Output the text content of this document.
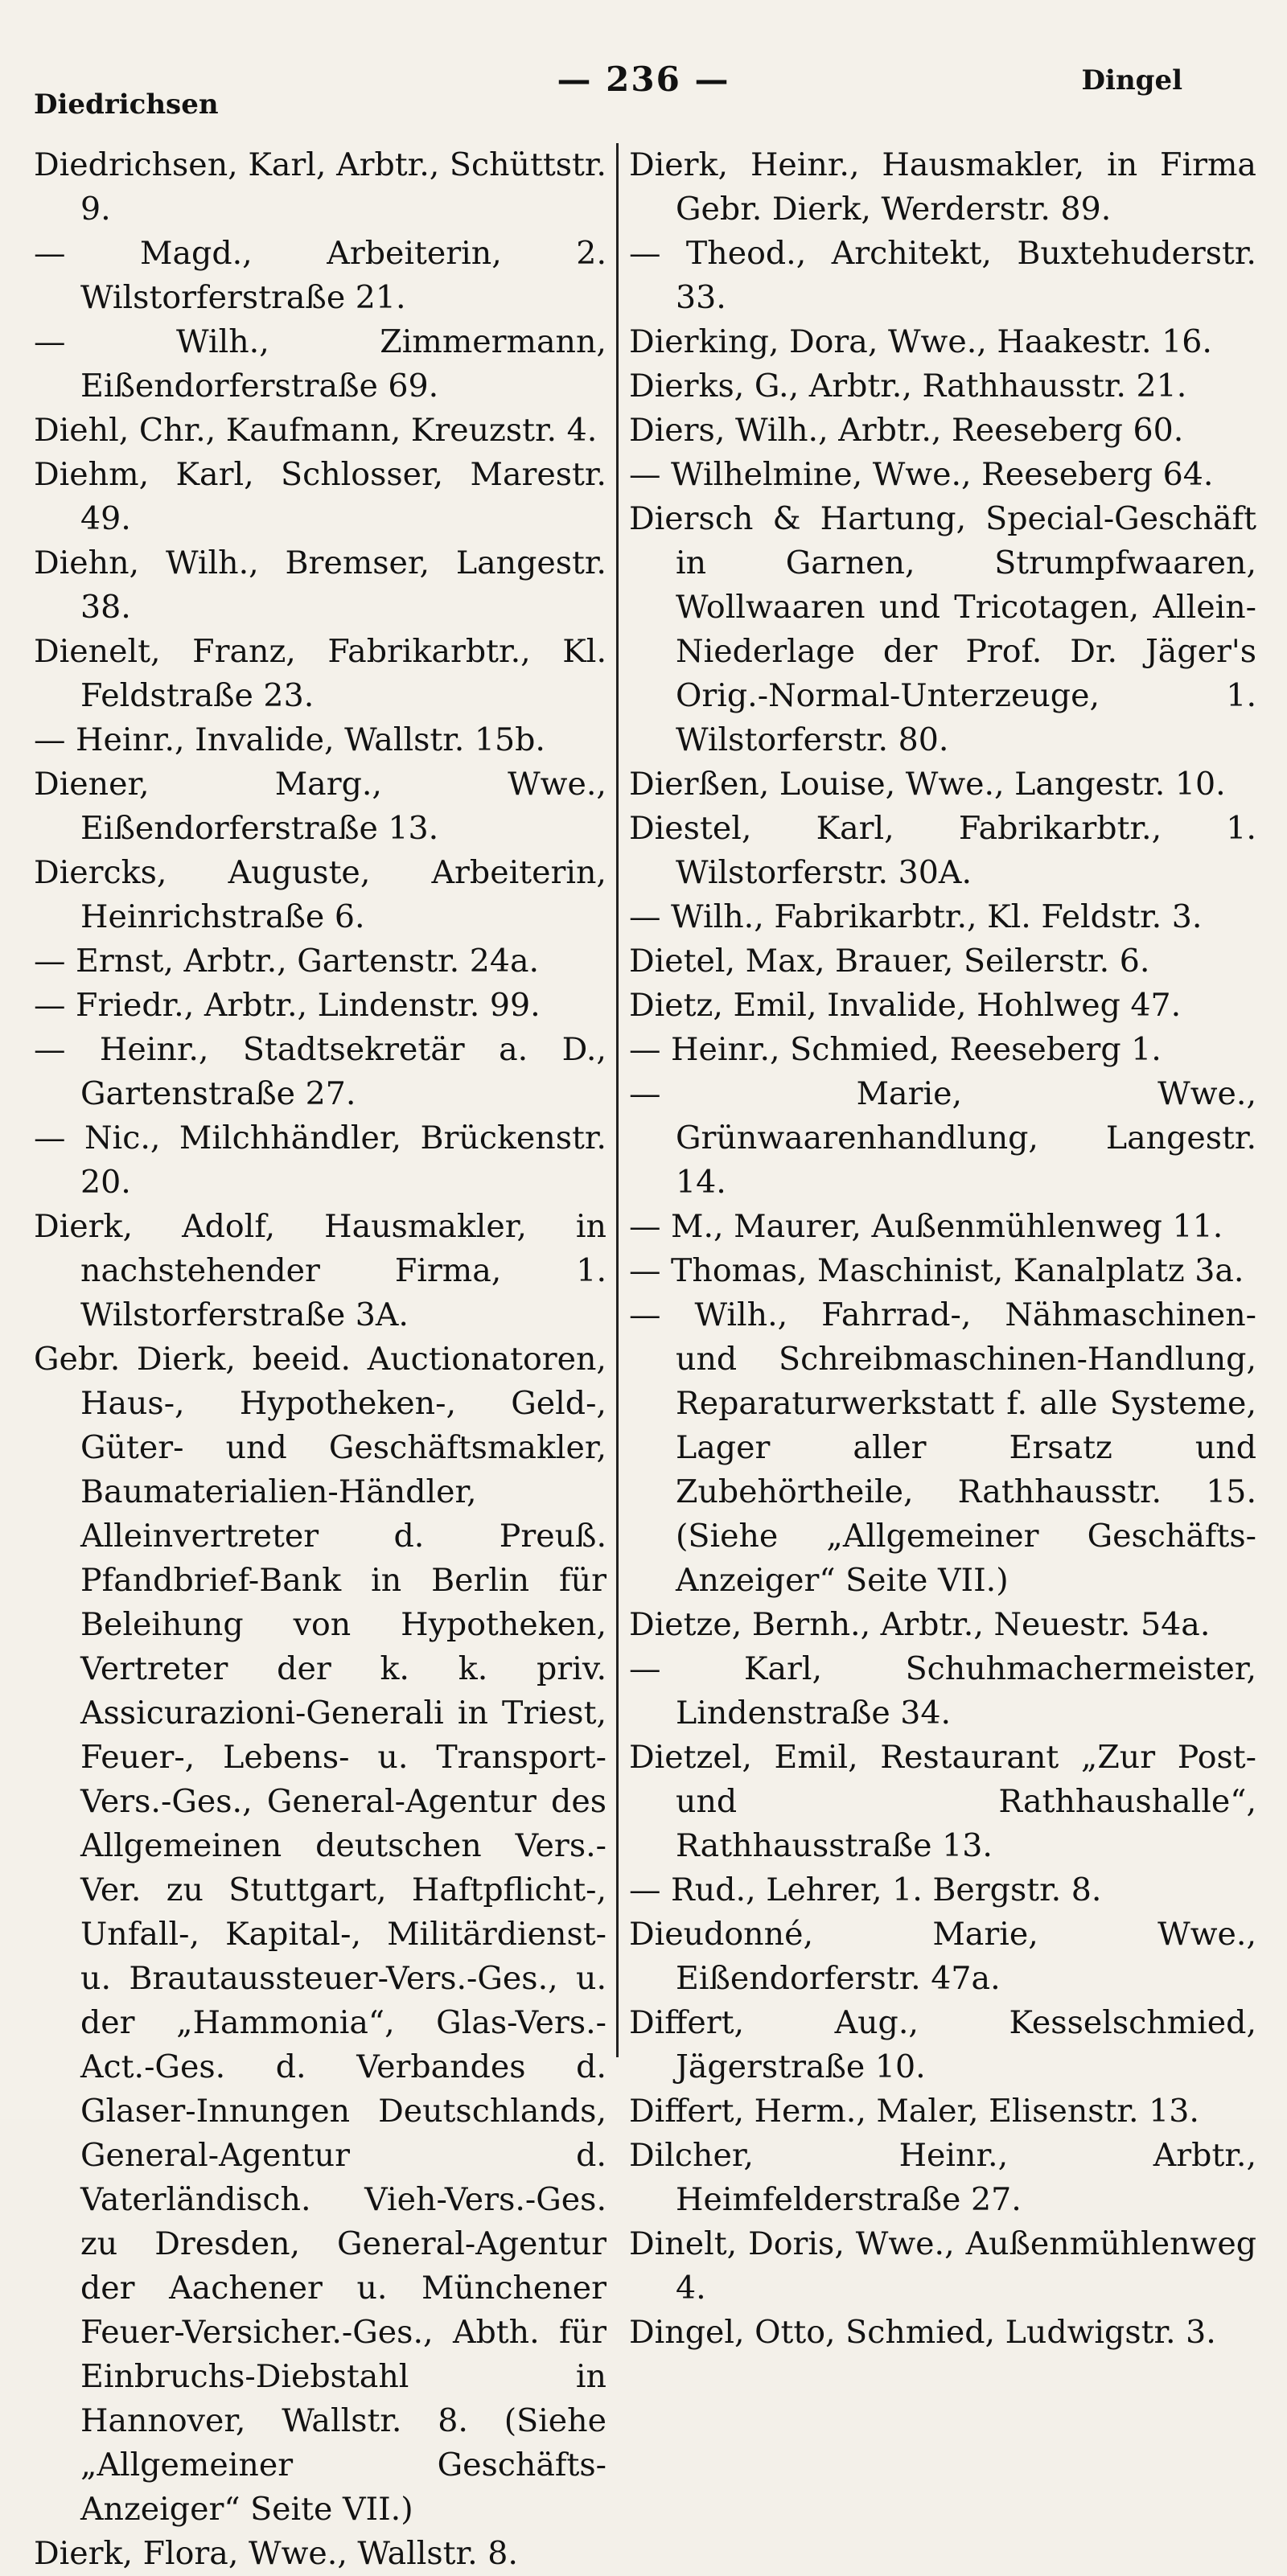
Diedrichsen
— 236 —	Dingel

Diedrichsen, Karl, Arbtr., Schüttstr. 9.

— Magd., Arbeiterin, 2. Wilstorferstraße 21.

— Wilh., Zimmermann, Eißendorferstraße 69.

Diehl, Chr., Kaufmann, Kreuzstr. 4.

Diehm, Karl, Schlosser, Marestr. 49.

Diehn, Wilh., Bremser, Langestr. 38.

Dienelt, Franz, Fabrikarbtr., Kl. Feldstraße 23.

— Heinr., Invalide, Wallstr. 15b.

Diener, Marg., Wwe., Eißendorferstraße 13.

Diercks, Auguste, Arbeiterin, Heinrichstraße 6.

— Ernst, Arbtr., Gartenstr. 24a.

— Friedr., Arbtr., Lindenstr. 99.

— Heinr., Stadtsekretär a. D., Gartenstraße 27.

— Nic., Milchhändler, Brückenstr. 20.

Dierk, Adolf, Hausmakler, in nachstehender Firma, 1. Wilstorferstraße 3A.

Gebr. Dierk, beeid. Auctionatoren, Haus-, Hypotheken-, Geld-, Güter- und Geschäftsmakler, Baumaterialien-Händler, Alleinvertreter d. Preuß. Pfandbrief-Bank in Berlin für Beleihung von Hypotheken, Vertreter der k. k. priv. Assicurazioni-Generali in Triest, Feuer-, Lebens- u. Transport-Vers.-Ges., General-Agentur des Allgemeinen deutschen Vers.-Ver. zu Stuttgart, Haftpflicht-, Unfall-, Kapital-, Militärdienst- u. Brautaussteuer-Vers.-Ges., u. der „Hammonia“, Glas-Vers.-Act.-Ges. d. Verbandes d. Glaser-Innungen Deutschlands, General-Agentur d. Vaterländisch. Vieh-Vers.-Ges. zu Dresden, General-Agentur der Aachener u. Münchener Feuer-Versicher.-Ges., Abth. für Einbruchs-Diebstahl in Hannover, Wallstr. 8. (Siehe „Allgemeiner Geschäfts-Anzeiger“ Seite VII.)

Dierk, Flora, Wwe., Wallstr. 8.

Dierk, Heinr., Hausmakler, in Firma Gebr. Dierk, Werderstr. 89.

— Theod., Architekt, Buxtehuderstr. 33.

Dierking, Dora, Wwe., Haakestr. 16.

Dierks, G., Arbtr., Rathhausstr. 21.

Diers, Wilh., Arbtr., Reeseberg 60.

— Wilhelmine, Wwe., Reeseberg 64.

Diersch & Hartung, Special-Geschäft in Garnen, Strumpfwaaren, Wollwaaren und Tricotagen, Allein-Niederlage der Prof. Dr. Jäger's Orig.-Normal-Unterzeuge, 1. Wilstorferstr. 80.

Dierßen, Louise, Wwe., Langestr. 10.

Diestel, Karl, Fabrikarbtr., 1. Wilstorferstr. 30A.

— Wilh., Fabrikarbtr., Kl. Feldstr. 3.

Dietel, Max, Brauer, Seilerstr. 6.

Dietz, Emil, Invalide, Hohlweg 47.

— Heinr., Schmied, Reeseberg 1.

— Marie, Wwe., Grünwaarenhandlung, Langestr. 14.

— M., Maurer, Außenmühlenweg 11.

— Thomas, Maschinist, Kanalplatz 3a.

— Wilh., Fahrrad-, Nähmaschinen- und Schreibmaschinen-Handlung, Reparaturwerkstatt f. alle Systeme, Lager aller Ersatz und Zubehörtheile, Rathhausstr. 15. (Siehe „Allgemeiner Geschäfts-Anzeiger“ Seite VII.)

Dietze, Bernh., Arbtr., Neuestr. 54a.

— Karl, Schuhmachermeister, Lindenstraße 34.

Dietzel, Emil, Restaurant „Zur Post- und Rathhaushalle“, Rathhausstraße 13.

— Rud., Lehrer, 1. Bergstr. 8.

Dieudonné, Marie, Wwe., Eißendorferstr. 47a.

Differt, Aug., Kesselschmied, Jägerstraße 10.

Differt, Herm., Maler, Elisenstr. 13.

Dilcher, Heinr., Arbtr., Heimfelderstraße 27.

Dinelt, Doris, Wwe., Außenmühlenweg 4.

Dingel, Otto, Schmied, Ludwigstr. 3.
